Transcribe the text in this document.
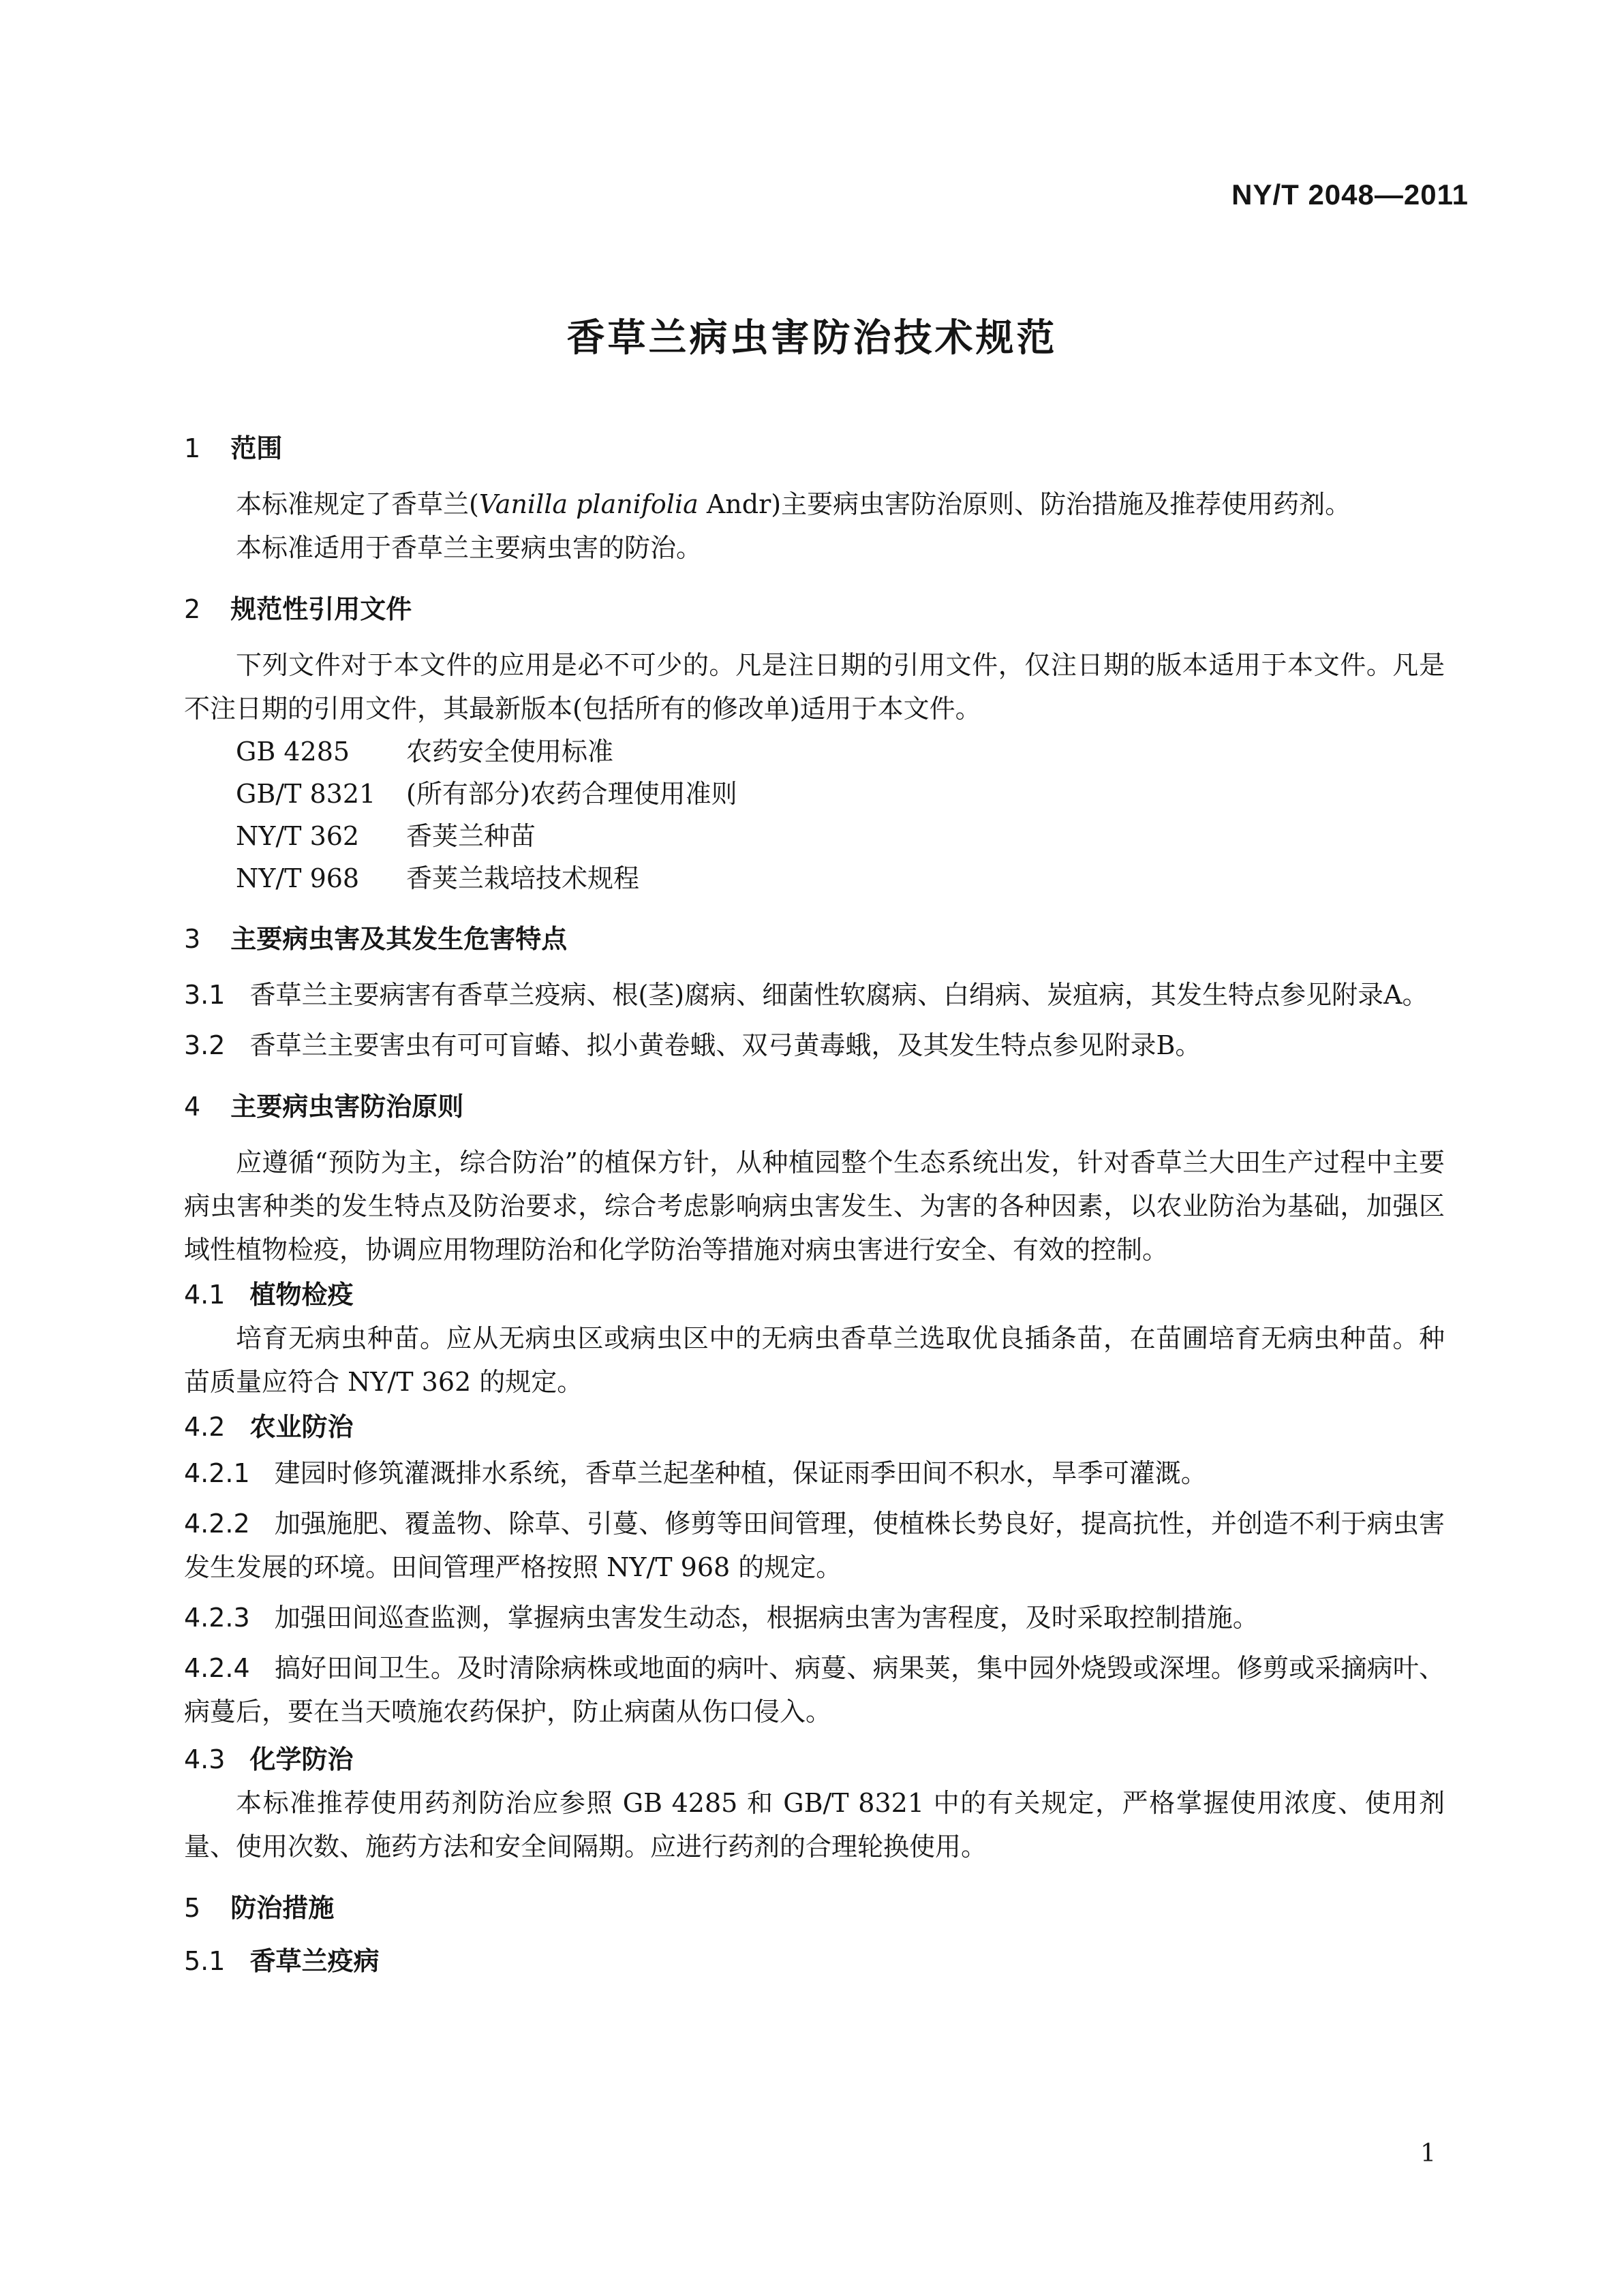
NY/T 2048—2011

香草兰病虫害防治技术规范
1 范围

本标准规定了香草兰(Vanilla planifolia Andr)主要病虫害防治原则、防治措施及推荐使用药剂。

本标准适用于香草兰主要病虫害的防治。

2 规范性引用文件

下列文件对于本文件的应用是必不可少的。凡是注日期的引用文件，仅注日期的版本适用于本文件。凡是不注日期的引用文件，其最新版本(包括所有的修改单)适用于本文件。

GB 4285 农药安全使用标准

GB/T 8321 (所有部分)农药合理使用准则

NY/T 362 香荚兰种苗

NY/T 968 香荚兰栽培技术规程

3 主要病虫害及其发生危害特点

3.1 香草兰主要病害有香草兰疫病、根(茎)腐病、细菌性软腐病、白绢病、炭疽病，其发生特点参见附录A。

3.2 香草兰主要害虫有可可盲蝽、拟小黄卷蛾、双弓黄毒蛾，及其发生特点参见附录B。

4 主要病虫害防治原则

应遵循“预防为主，综合防治”的植保方针，从种植园整个生态系统出发，针对香草兰大田生产过程中主要病虫害种类的发生特点及防治要求，综合考虑影响病虫害发生、为害的各种因素，以农业防治为基础，加强区域性植物检疫，协调应用物理防治和化学防治等措施对病虫害进行安全、有效的控制。

4.1 植物检疫

培育无病虫种苗。应从无病虫区或病虫区中的无病虫香草兰选取优良插条苗，在苗圃培育无病虫种苗。种苗质量应符合 NY/T 362 的规定。

4.2 农业防治

4.2.1 建园时修筑灌溉排水系统，香草兰起垄种植，保证雨季田间不积水，旱季可灌溉。

4.2.2 加强施肥、覆盖物、除草、引蔓、修剪等田间管理，使植株长势良好，提高抗性，并创造不利于病虫害发生发展的环境。田间管理严格按照 NY/T 968 的规定。

4.2.3 加强田间巡查监测，掌握病虫害发生动态，根据病虫害为害程度，及时采取控制措施。

4.2.4 搞好田间卫生。及时清除病株或地面的病叶、病蔓、病果荚，集中园外烧毁或深埋。修剪或采摘病叶、病蔓后，要在当天喷施农药保护，防止病菌从伤口侵入。

4.3 化学防治

本标准推荐使用药剂防治应参照 GB 4285 和 GB/T 8321 中的有关规定，严格掌握使用浓度、使用剂量、使用次数、施药方法和安全间隔期。应进行药剂的合理轮换使用。

5 防治措施
5.1 香草兰疫病

1
